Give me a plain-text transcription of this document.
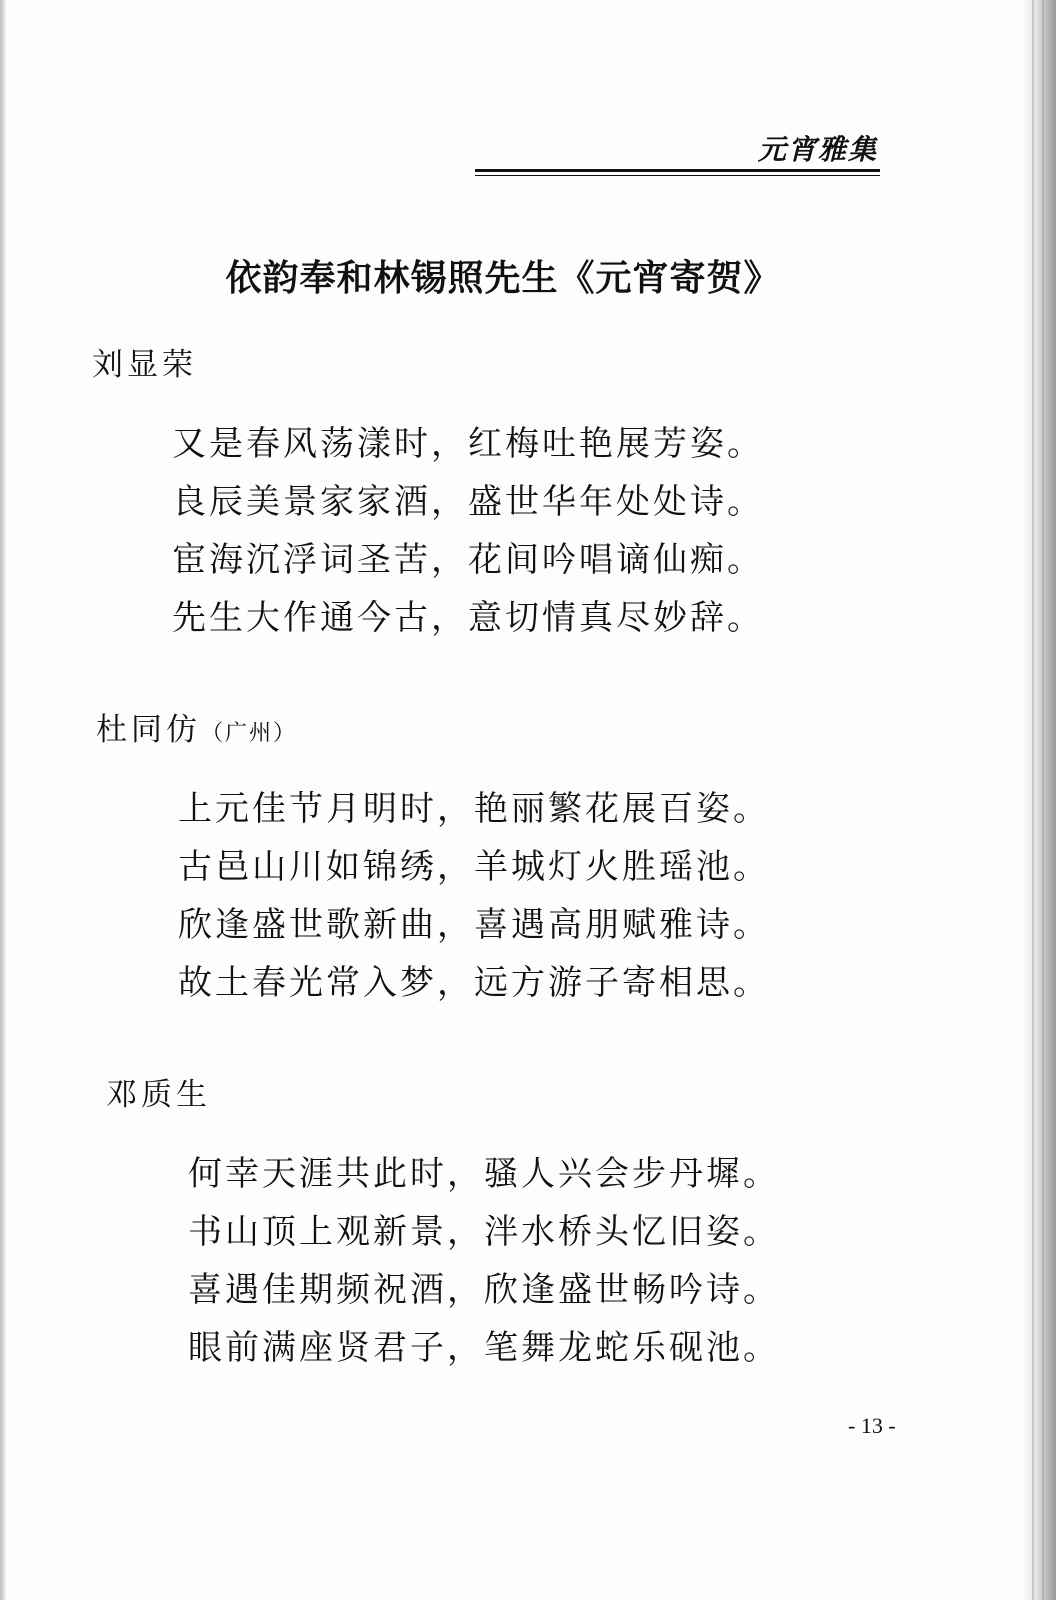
元宵雅集
依韵奉和林锡照先生《元宵寄贺》
刘显荣
又是春风荡漾时，红梅吐艳展芳姿。
良辰美景家家酒，盛世华年处处诗。
宦海沉浮词圣苦，花间吟唱谪仙痴。
先生大作通今古，意切情真尽妙辞。
杜同仿（广州）
上元佳节月明时，艳丽繁花展百姿。
古邑山川如锦绣，羊城灯火胜瑶池。
欣逢盛世歌新曲，喜遇高朋赋雅诗。
故土春光常入梦，远方游子寄相思。
邓质生
何幸天涯共此时，骚人兴会步丹墀。
书山顶上观新景，泮水桥头忆旧姿。
喜遇佳期频祝酒，欣逢盛世畅吟诗。
眼前满座贤君子，笔舞龙蛇乐砚池。
- 13 -
